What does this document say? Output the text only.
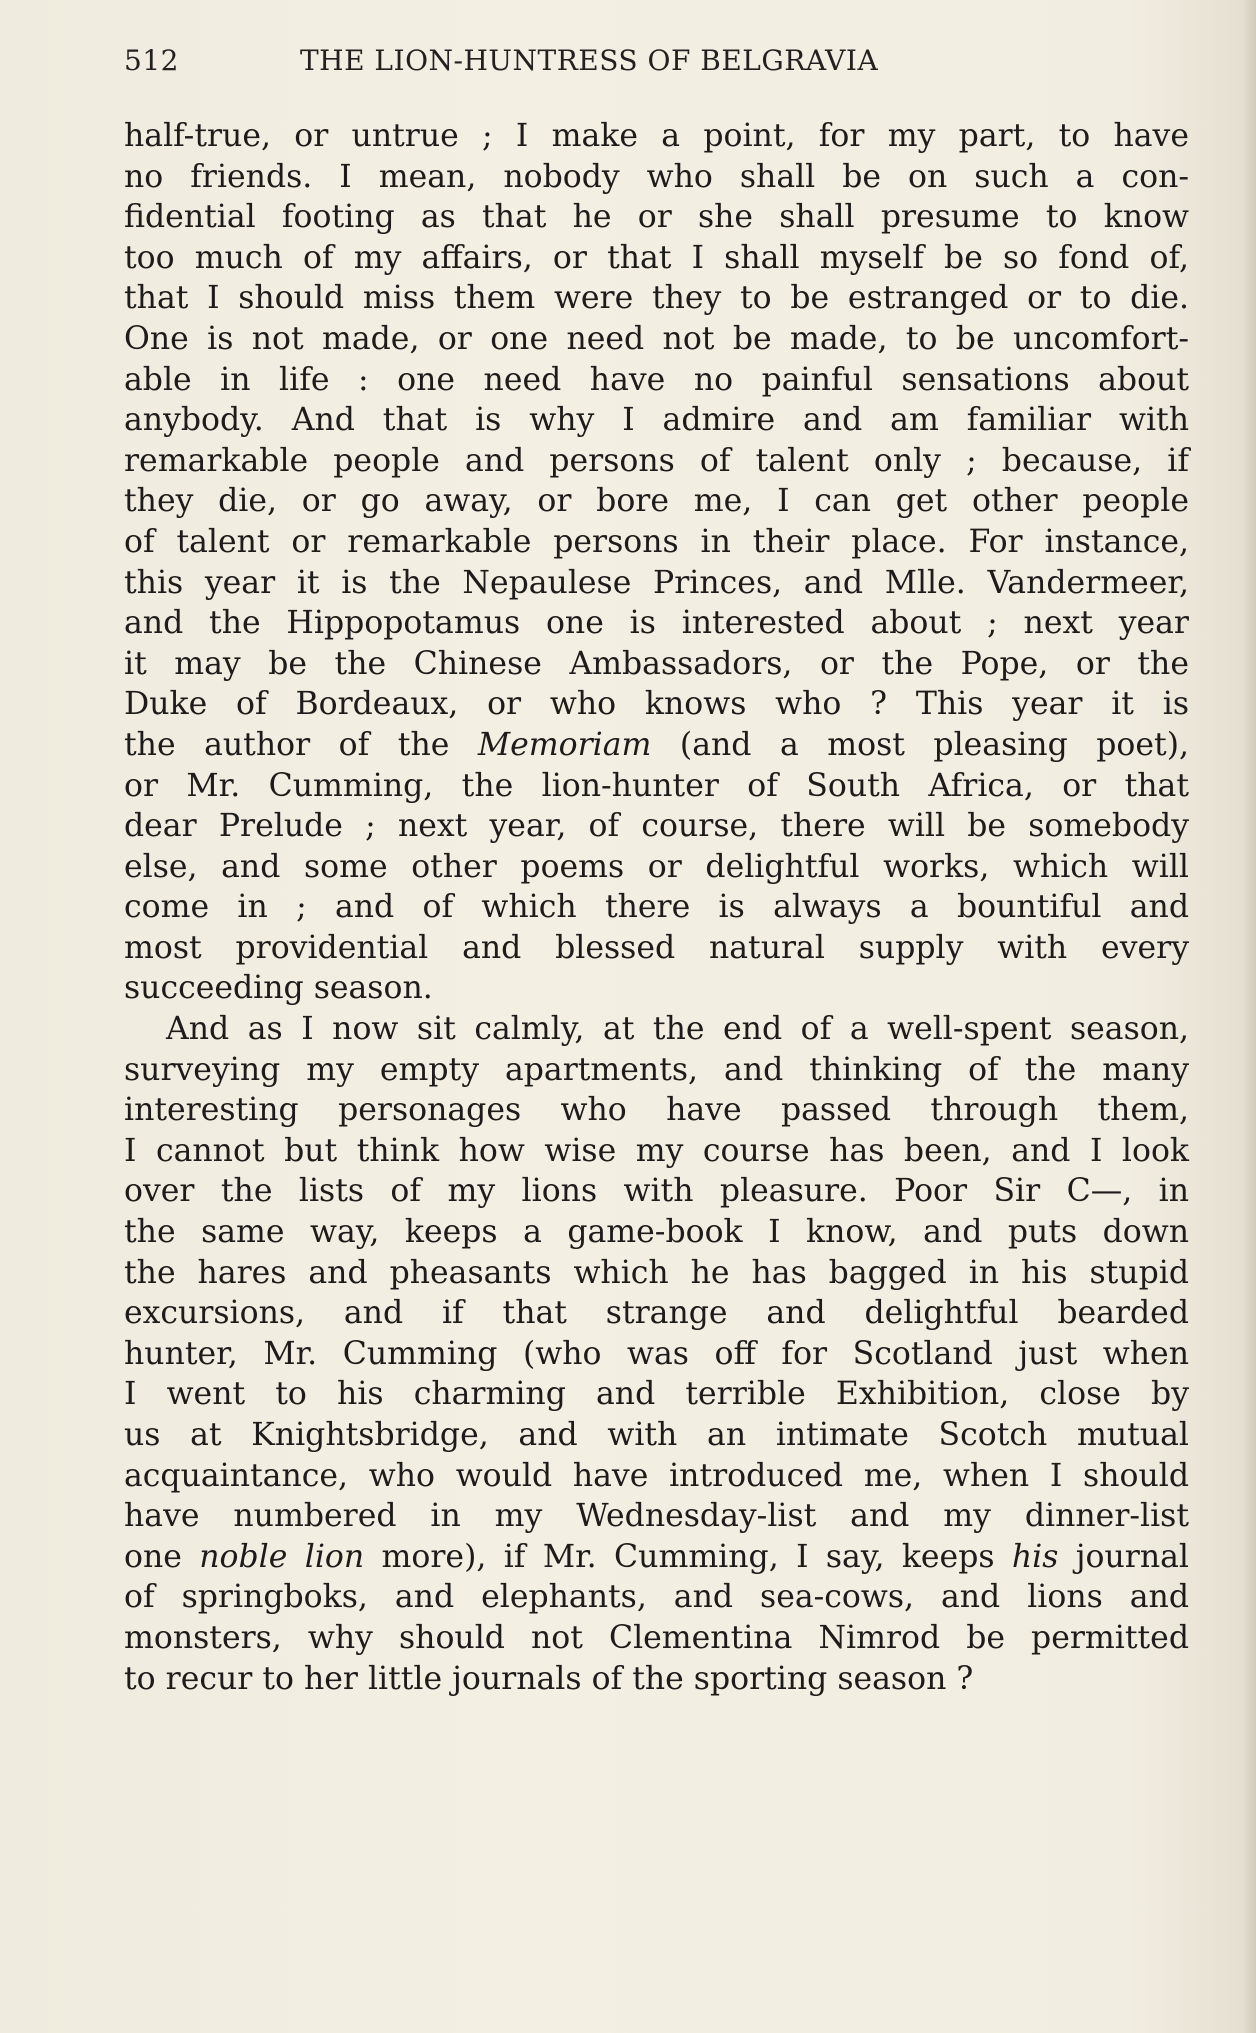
512	THE LION-HUNTRESS OF BELGRAVIA
half-true, or untrue ; I make a point, for my part, to have
no friends. I mean, nobody who shall be on such a con-
fidential footing as that he or she shall presume to know
too much of my affairs, or that I shall myself be so fond of,
that I should miss them were they to be estranged or to die.
One is not made, or one need not be made, to be uncomfort-
able in life : one need have no painful sensations about
anybody. And that is why I admire and am familiar with
remarkable people and persons of talent only ; because, if
they die, or go away, or bore me, I can get other people
of talent or remarkable persons in their place. For instance,
this year it is the Nepaulese Princes, and Mlle. Vandermeer,
and the Hippopotamus one is interested about ; next year
it may be the Chinese Ambassadors, or the Pope, or the
Duke of Bordeaux, or who knows who ? This year it is
the author of the Memoriam (and a most pleasing poet),
or Mr. Cumming, the lion-hunter of South Africa, or that
dear Prelude ; next year, of course, there will be somebody
else, and some other poems or delightful works, which will
come in ; and of which there is always a bountiful and
most providential and blessed natural supply with every
succeeding season.
And as I now sit calmly, at the end of a well-spent season,
surveying my empty apartments, and thinking of the many
interesting personages who have passed through them,
I cannot but think how wise my course has been, and I look
over the lists of my lions with pleasure. Poor Sir C—, in
the same way, keeps a game-book I know, and puts down
the hares and pheasants which he has bagged in his stupid
excursions, and if that strange and delightful bearded
hunter, Mr. Cumming (who was off for Scotland just when
I went to his charming and terrible Exhibition, close by
us at Knightsbridge, and with an intimate Scotch mutual
acquaintance, who would have introduced me, when I should
have numbered in my Wednesday-list and my dinner-list
one noble lion more), if Mr. Cumming, I say, keeps his journal
of springboks, and elephants, and sea-cows, and lions and
monsters, why should not Clementina Nimrod be permitted
to recur to her little journals of the sporting season ?
